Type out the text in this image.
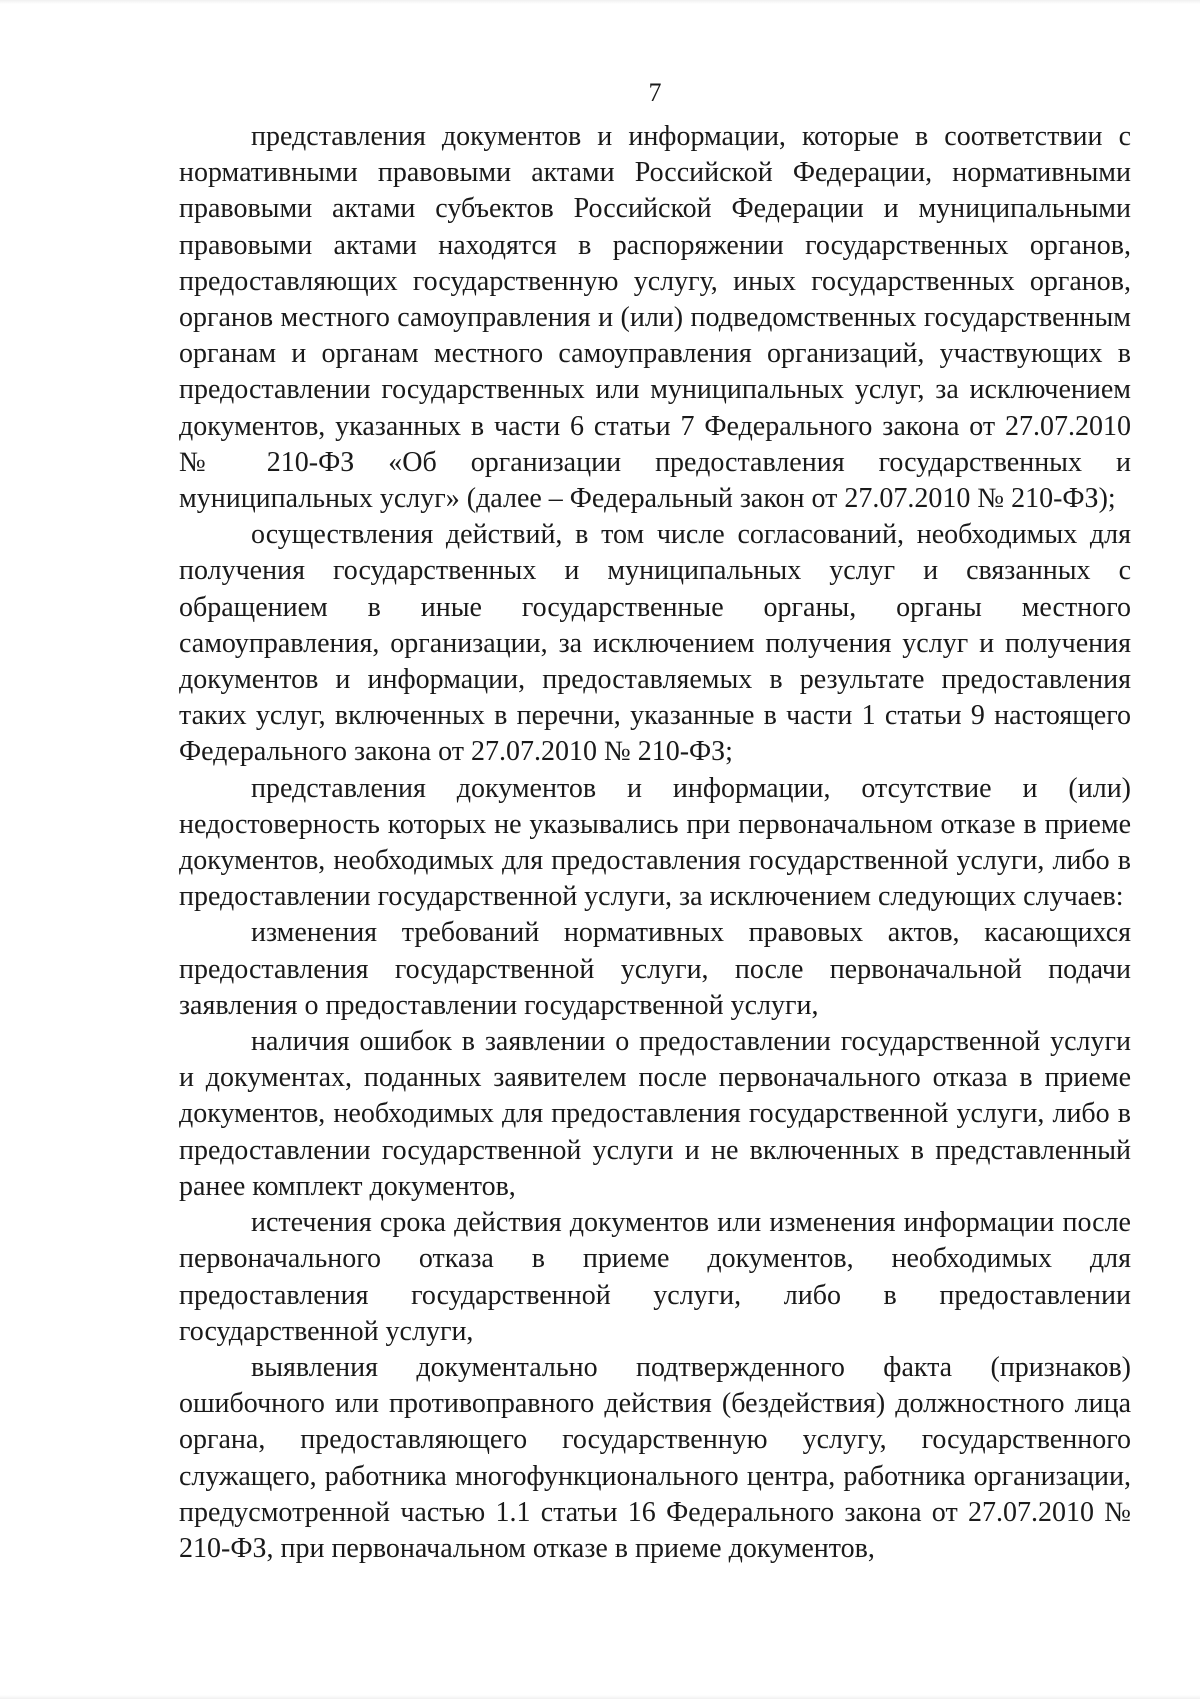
7

представления документов и информации, которые в соответствии с нормативными правовыми актами Российской Федерации, нормативными правовыми актами субъектов Российской Федерации и муниципальными правовыми актами находятся в распоряжении государственных органов, предоставляющих государственную услугу, иных государственных органов, органов местного самоуправления и (или) подведомственных государственным органам и органам местного самоуправления организаций, участвующих в предоставлении государственных или муниципальных услуг, за исключением документов, указанных в части 6 статьи 7 Федерального закона от 27.07.2010 № 210-ФЗ «Об организации предоставления государственных и муниципальных услуг» (далее – Федеральный закон от 27.07.2010 № 210-ФЗ);

осуществления действий, в том числе согласований, необходимых для получения государственных и муниципальных услуг и связанных с обращением в иные государственные органы, органы местного самоуправления, организации, за исключением получения услуг и получения документов и информации, предоставляемых в результате предоставления таких услуг, включенных в перечни, указанные в части 1 статьи 9 настоящего Федерального закона от 27.07.2010 № 210-ФЗ;

представления документов и информации, отсутствие и (или) недостоверность которых не указывались при первоначальном отказе в приеме документов, необходимых для предоставления государственной услуги, либо в предоставлении государственной услуги, за исключением следующих случаев:

изменения требований нормативных правовых актов, касающихся предоставления государственной услуги, после первоначальной подачи заявления о предоставлении государственной услуги,

наличия ошибок в заявлении о предоставлении государственной услуги и документах, поданных заявителем после первоначального отказа в приеме документов, необходимых для предоставления государственной услуги, либо в предоставлении государственной услуги и не включенных в представленный ранее комплект документов,

истечения срока действия документов или изменения информации после первоначального отказа в приеме документов, необходимых для предоставления государственной услуги, либо в предоставлении государственной услуги,

выявления документально подтвержденного факта (признаков) ошибочного или противоправного действия (бездействия) должностного лица органа, предоставляющего государственную услугу, государственного служащего, работника многофункционального центра, работника организации, предусмотренной частью 1.1 статьи 16 Федерального закона от 27.07.2010 № 210-ФЗ, при первоначальном отказе в приеме документов,
